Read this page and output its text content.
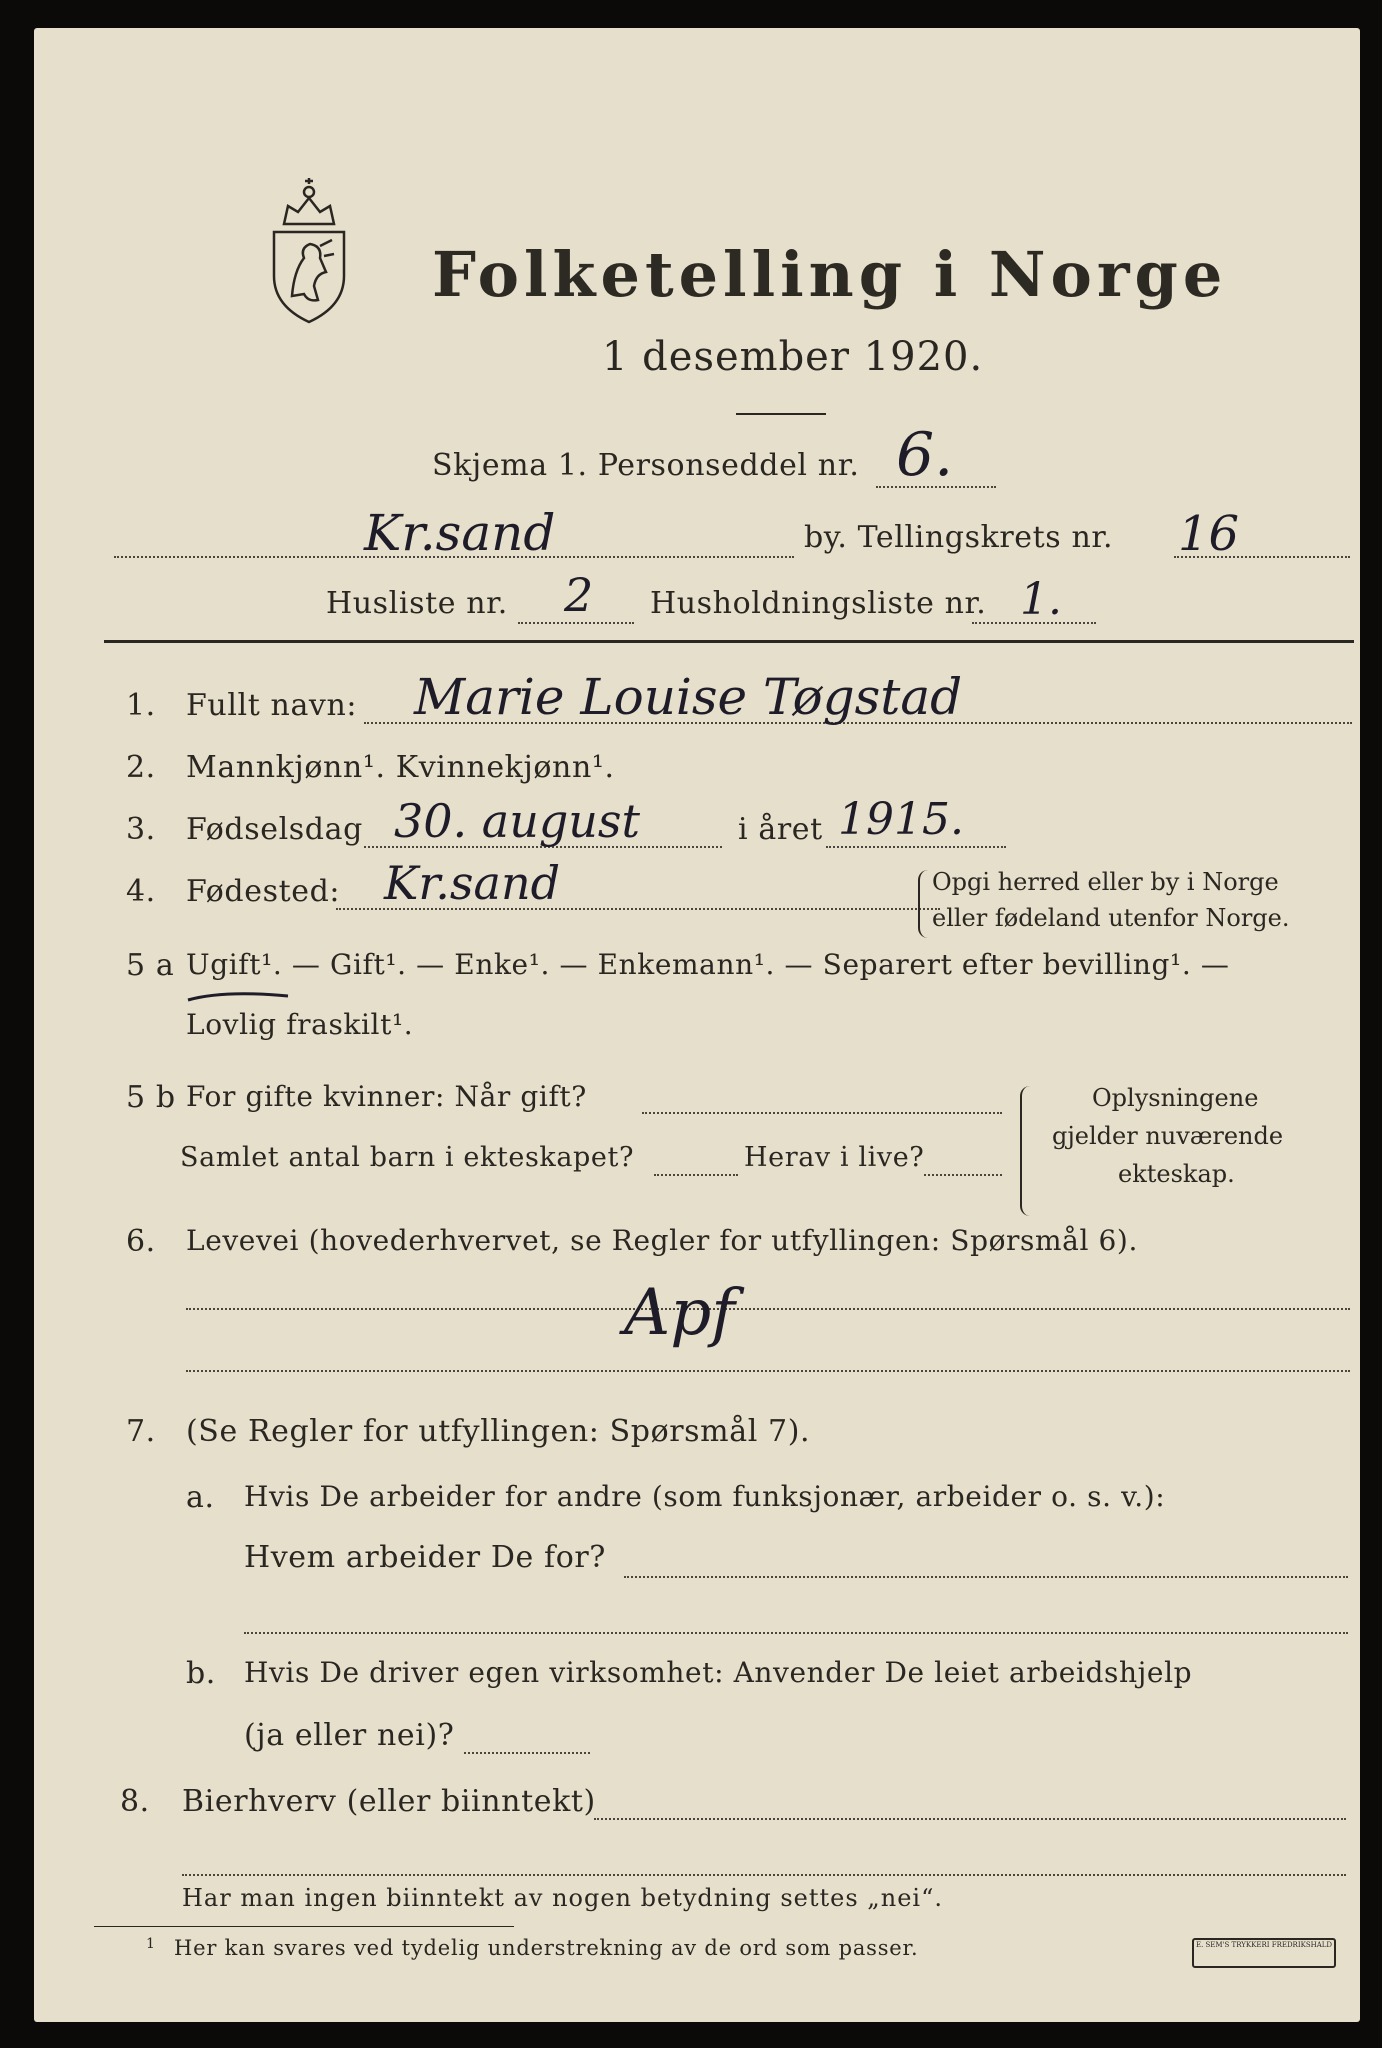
Folketelling i Norge
1 desember 1920.
Skjema 1. Personseddel nr. 6.
Kr.sand	by. Tellingskrets nr. 16
Husliste nr. 2 Husholdningsliste nr. 1.
1. Fullt navn: Marie Louise Tøgstad
2. Mannkjønn¹. Kvinnekjønn¹.
3. Fødselsdag 30. august	i året 1915.
4. Fødested: Kr.sand	Opgi herred eller by i Norge
eller fødeland utenfor Norge.
5 a Ugift¹. — Gift¹. — Enke¹. — Enkemann¹. — Separert efter bevilling¹. —
Lovlig fraskilt¹.
5 b For gifte kvinner: Når gift?
Samlet antal barn i ekteskapet?	Herav i live?
Oplysningene
gjelder nuværende
ekteskap.
6. Levevei (hovederhvervet, se Regler for utfyllingen: Spørsmål 6).
Apf
7. (Se Regler for utfyllingen: Spørsmål 7).
a. Hvis De arbeider for andre (som funksjonær, arbeider o. s. v.):
Hvem arbeider De for?
b. Hvis De driver egen virksomhet: Anvender De leiet arbeidshjelp
(ja eller nei)?
8. Bierhverv (eller biinntekt)
Har man ingen biinntekt av nogen betydning settes „nei“.
1 Her kan svares ved tydelig understrekning av de ord som passer.	E. SEM'S TRYKKERI FREDRIKSHALD
